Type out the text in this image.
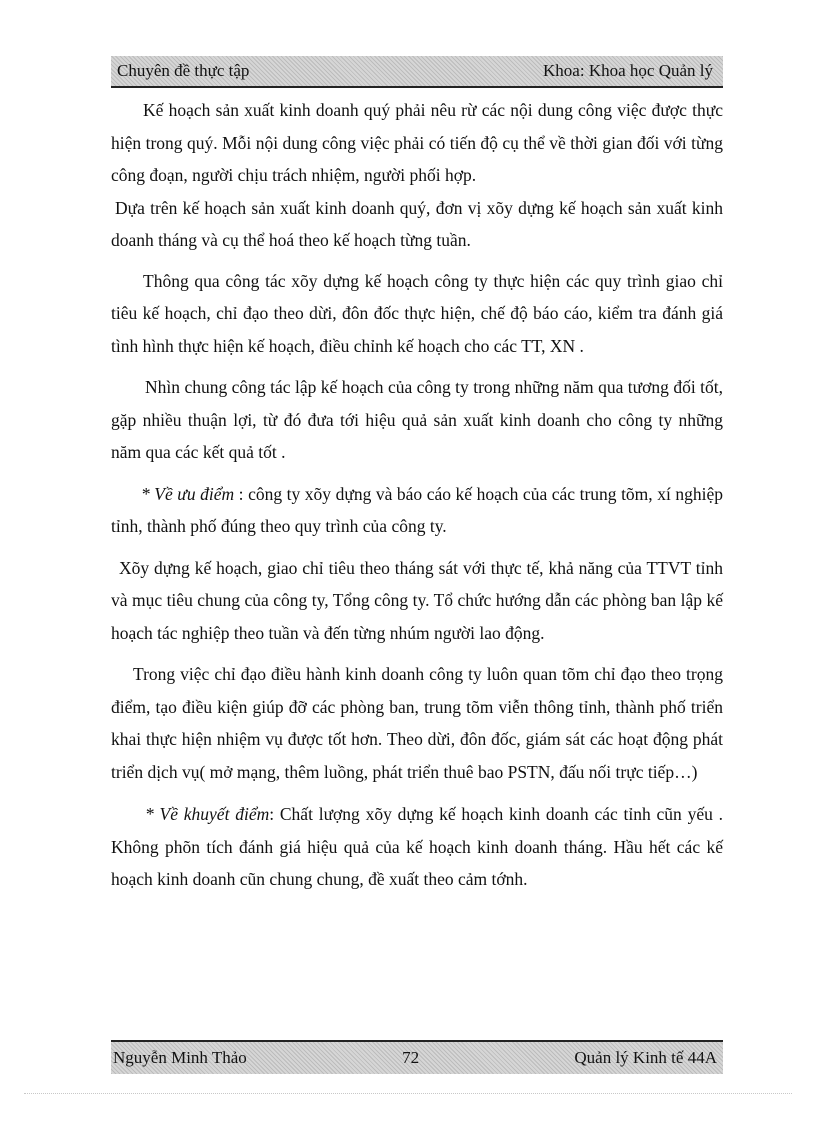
Chuyên đề thực tập	Khoa: Khoa học Quản lý

Kế hoạch sản xuất kinh doanh quý phải nêu rừ các nội dung công việc được thực hiện trong quý. Mỗi nội dung công việc phải có tiến độ cụ thể về thời gian đối với từng công đoạn, người chịu trách nhiệm, người phối hợp.

Dựa trên kế hoạch sản xuất kinh doanh quý, đơn vị xõy dựng kế hoạch sản xuất kinh doanh tháng và cụ thể hoá theo kế hoạch từng tuần.

Thông qua công tác xõy dựng kế hoạch công ty thực hiện các quy trình giao chỉ tiêu kế hoạch, chỉ đạo theo dừi, đôn đốc thực hiện, chế độ báo cáo, kiểm tra đánh giá tình hình thực hiện kế hoạch, điều chỉnh kế hoạch cho các TT, XN .

Nhìn chung công tác lập kế hoạch của công ty trong những năm qua tương đối tốt, gặp nhiều thuận lợi, từ đó đưa tới hiệu quả sản xuất kinh doanh cho công ty những năm qua các kết quả tốt .

* Về ưu điểm : công ty xõy dựng và báo cáo kế hoạch của các trung tõm, xí nghiệp tỉnh, thành phố đúng theo quy trình của công ty.

Xõy dựng kế hoạch, giao chỉ tiêu theo tháng sát với thực tế, khả năng của TTVT tỉnh và mục tiêu chung của công ty, Tổng công ty. Tổ chức hướng dẫn các phòng ban lập kế hoạch tác nghiệp theo tuần và đến từng nhúm người lao động.

Trong việc chỉ đạo điều hành kinh doanh công ty luôn quan tõm chỉ đạo theo trọng điểm, tạo điều kiện giúp đỡ các phòng ban, trung tõm viễn thông tỉnh, thành phố triển khai thực hiện nhiệm vụ được tốt hơn. Theo dừi, đôn đốc, giám sát các hoạt động phát triển dịch vụ( mở mạng, thêm luồng, phát triển thuê bao PSTN, đấu nối trực tiếp…)

* Về khuyết điểm: Chất lượng xõy dựng kế hoạch kinh doanh các tỉnh cũn yếu . Không phõn tích đánh giá hiệu quả của kế hoạch kinh doanh tháng. Hầu hết các kế hoạch kinh doanh cũn chung chung, đề xuất theo cảm tớnh.

Nguyễn Minh Thảo	72	Quản lý Kinh tế 44A
